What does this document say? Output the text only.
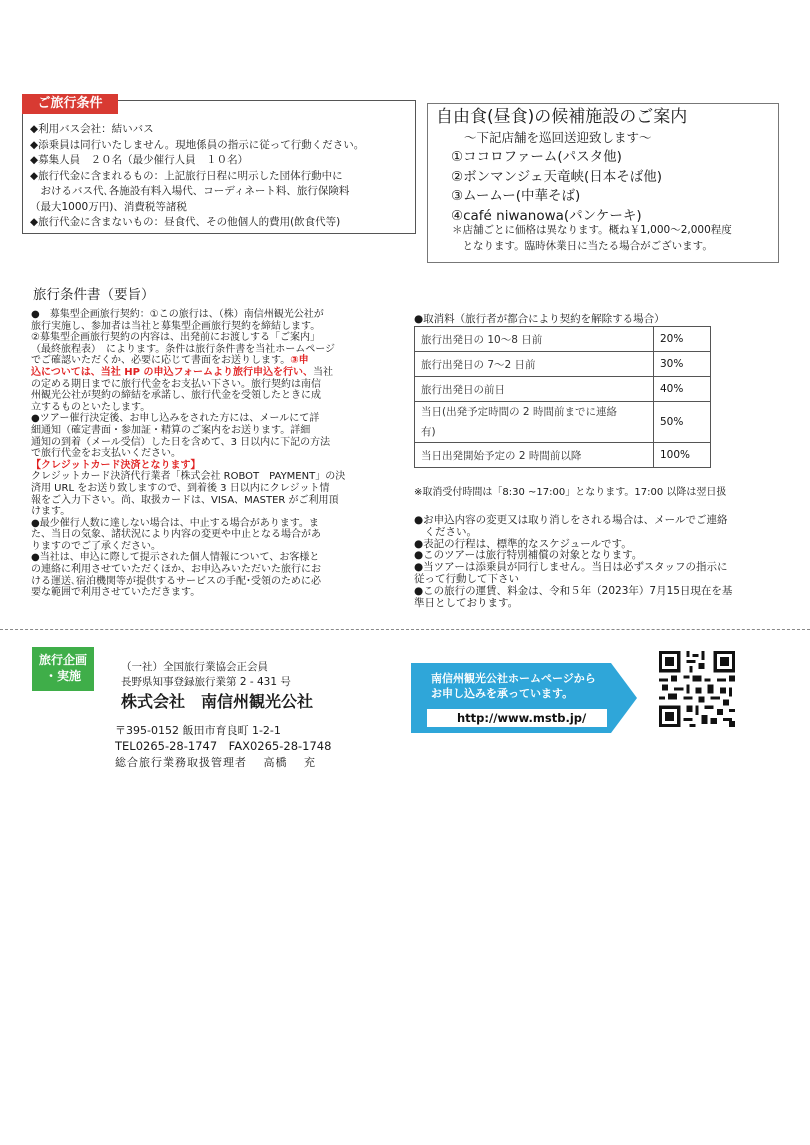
ご旅行条件
◆利用バス会社：結いバス
◆添乗員は同行いたしません。現地係員の指示に従って行動ください。
◆募集人員　２０名（最少催行人員　１０名）
◆旅行代金に含まれるもの：上記旅行日程に明示した団体行動中に
　おけるバス代､各施設有料入場代、コーディネート料、旅行保険料
（最大1000万円)、消費税等諸税
◆旅行代金に含まないもの：昼食代、その他個人的費用(飲食代等)
自由食(昼食)の候補施設のご案内
～下記店舗を巡回送迎致します～
①ココロファーム(パスタ他)
②ボンマンジェ天竜峡(日本そば他)
③ムームー(中華そば)
④café niwanowa(パンケーキ)
＊店舗ごとに価格は異なります。概ね￥1,000～2,000程度
　となります。臨時休業日に当たる場合がございます。
旅行条件書（要旨）
●　募集型企画旅行契約：①この旅行は、（株）南信州観光公社が
旅行実施し、参加者は当社と募集型企画旅行契約を締結します。
②募集型企画旅行契約の内容は、出発前にお渡しする「ご案内」
（最終旅程表）　によります。条件は旅行条件書を当社ホームページ
でご確認いただくか、必要に応じて書面をお送りします。③申
込については、当社 HP の申込フォームより旅行申込を行い、当社
の定める期日までに旅行代金をお支払い下さい。旅行契約は南信
州観光公社が契約の締結を承諾し、旅行代金を受領したときに成
立するものといたします。
●ツアー催行決定後、お申し込みをされた方には、メールにて詳
細通知（確定書面・参加証・精算のご案内をお送ります。詳細
通知の到着（メール受信）した日を含めて、3 日以内に下記の方法
で旅行代金をお支払いください。
【クレジットカード決済となります】
クレジットカード決済代行業者「株式会社 ROBOT　PAYMENT」の決
済用 URL をお送り致しますので、到着後 3 日以内にクレジット情
報をご入力下さい。尚、取扱カードは、VISA、MASTER がご利用頂
けます。
●最少催行人数に達しない場合は、中止する場合があります。ま
た、当日の気象、諸状況により内容の変更や中止となる場合があ
りますのでご了承ください。
●当社は、申込に際して提示された個人情報について、お客様と
の連絡に利用させていただくほか、お申込みいただいた旅行にお
ける運送､宿泊機関等が提供するサービスの手配･受領のために必
要な範囲で利用させていただきます。
●取消料（旅行者が都合により契約を解除する場合）
旅行出発日の 10～8 日前	20%
旅行出発日の 7～2 日前	30%
旅行出発日の前日	40%
当日(出発予定時間の 2 時間前までに連絡
有)	50%
当日出発開始予定の 2 時間前以降	100%
※取消受付時間は「8:30 ~17:00」となります。17:00 以降は翌日扱
●お申込内容の変更又は取り消しをされる場合は、メールでご連絡
　ください。
●表記の行程は、標準的なスケジュールです。
●このツアーは旅行特別補償の対象となります。
●当ツアーは添乗員が同行しません。当日は必ずスタッフの指示に
従って行動して下さい
●この旅行の運賃、料金は、令和５年（2023年）7月15日現在を基
準日としております。
旅行企画
・実施
（一社）全国旅行業協会正会員
長野県知事登録旅行業第 2 - 431 号
株式会社　南信州観光公社
〒395-0152 飯田市育良町 1-2-1
TEL0265-28-1747　FAX0265-28-1748
総合旅行業務取扱管理者　 高橋　 充
南信州観光公社ホームページから
お申し込みを承っています。
http://www.mstb.jp/
